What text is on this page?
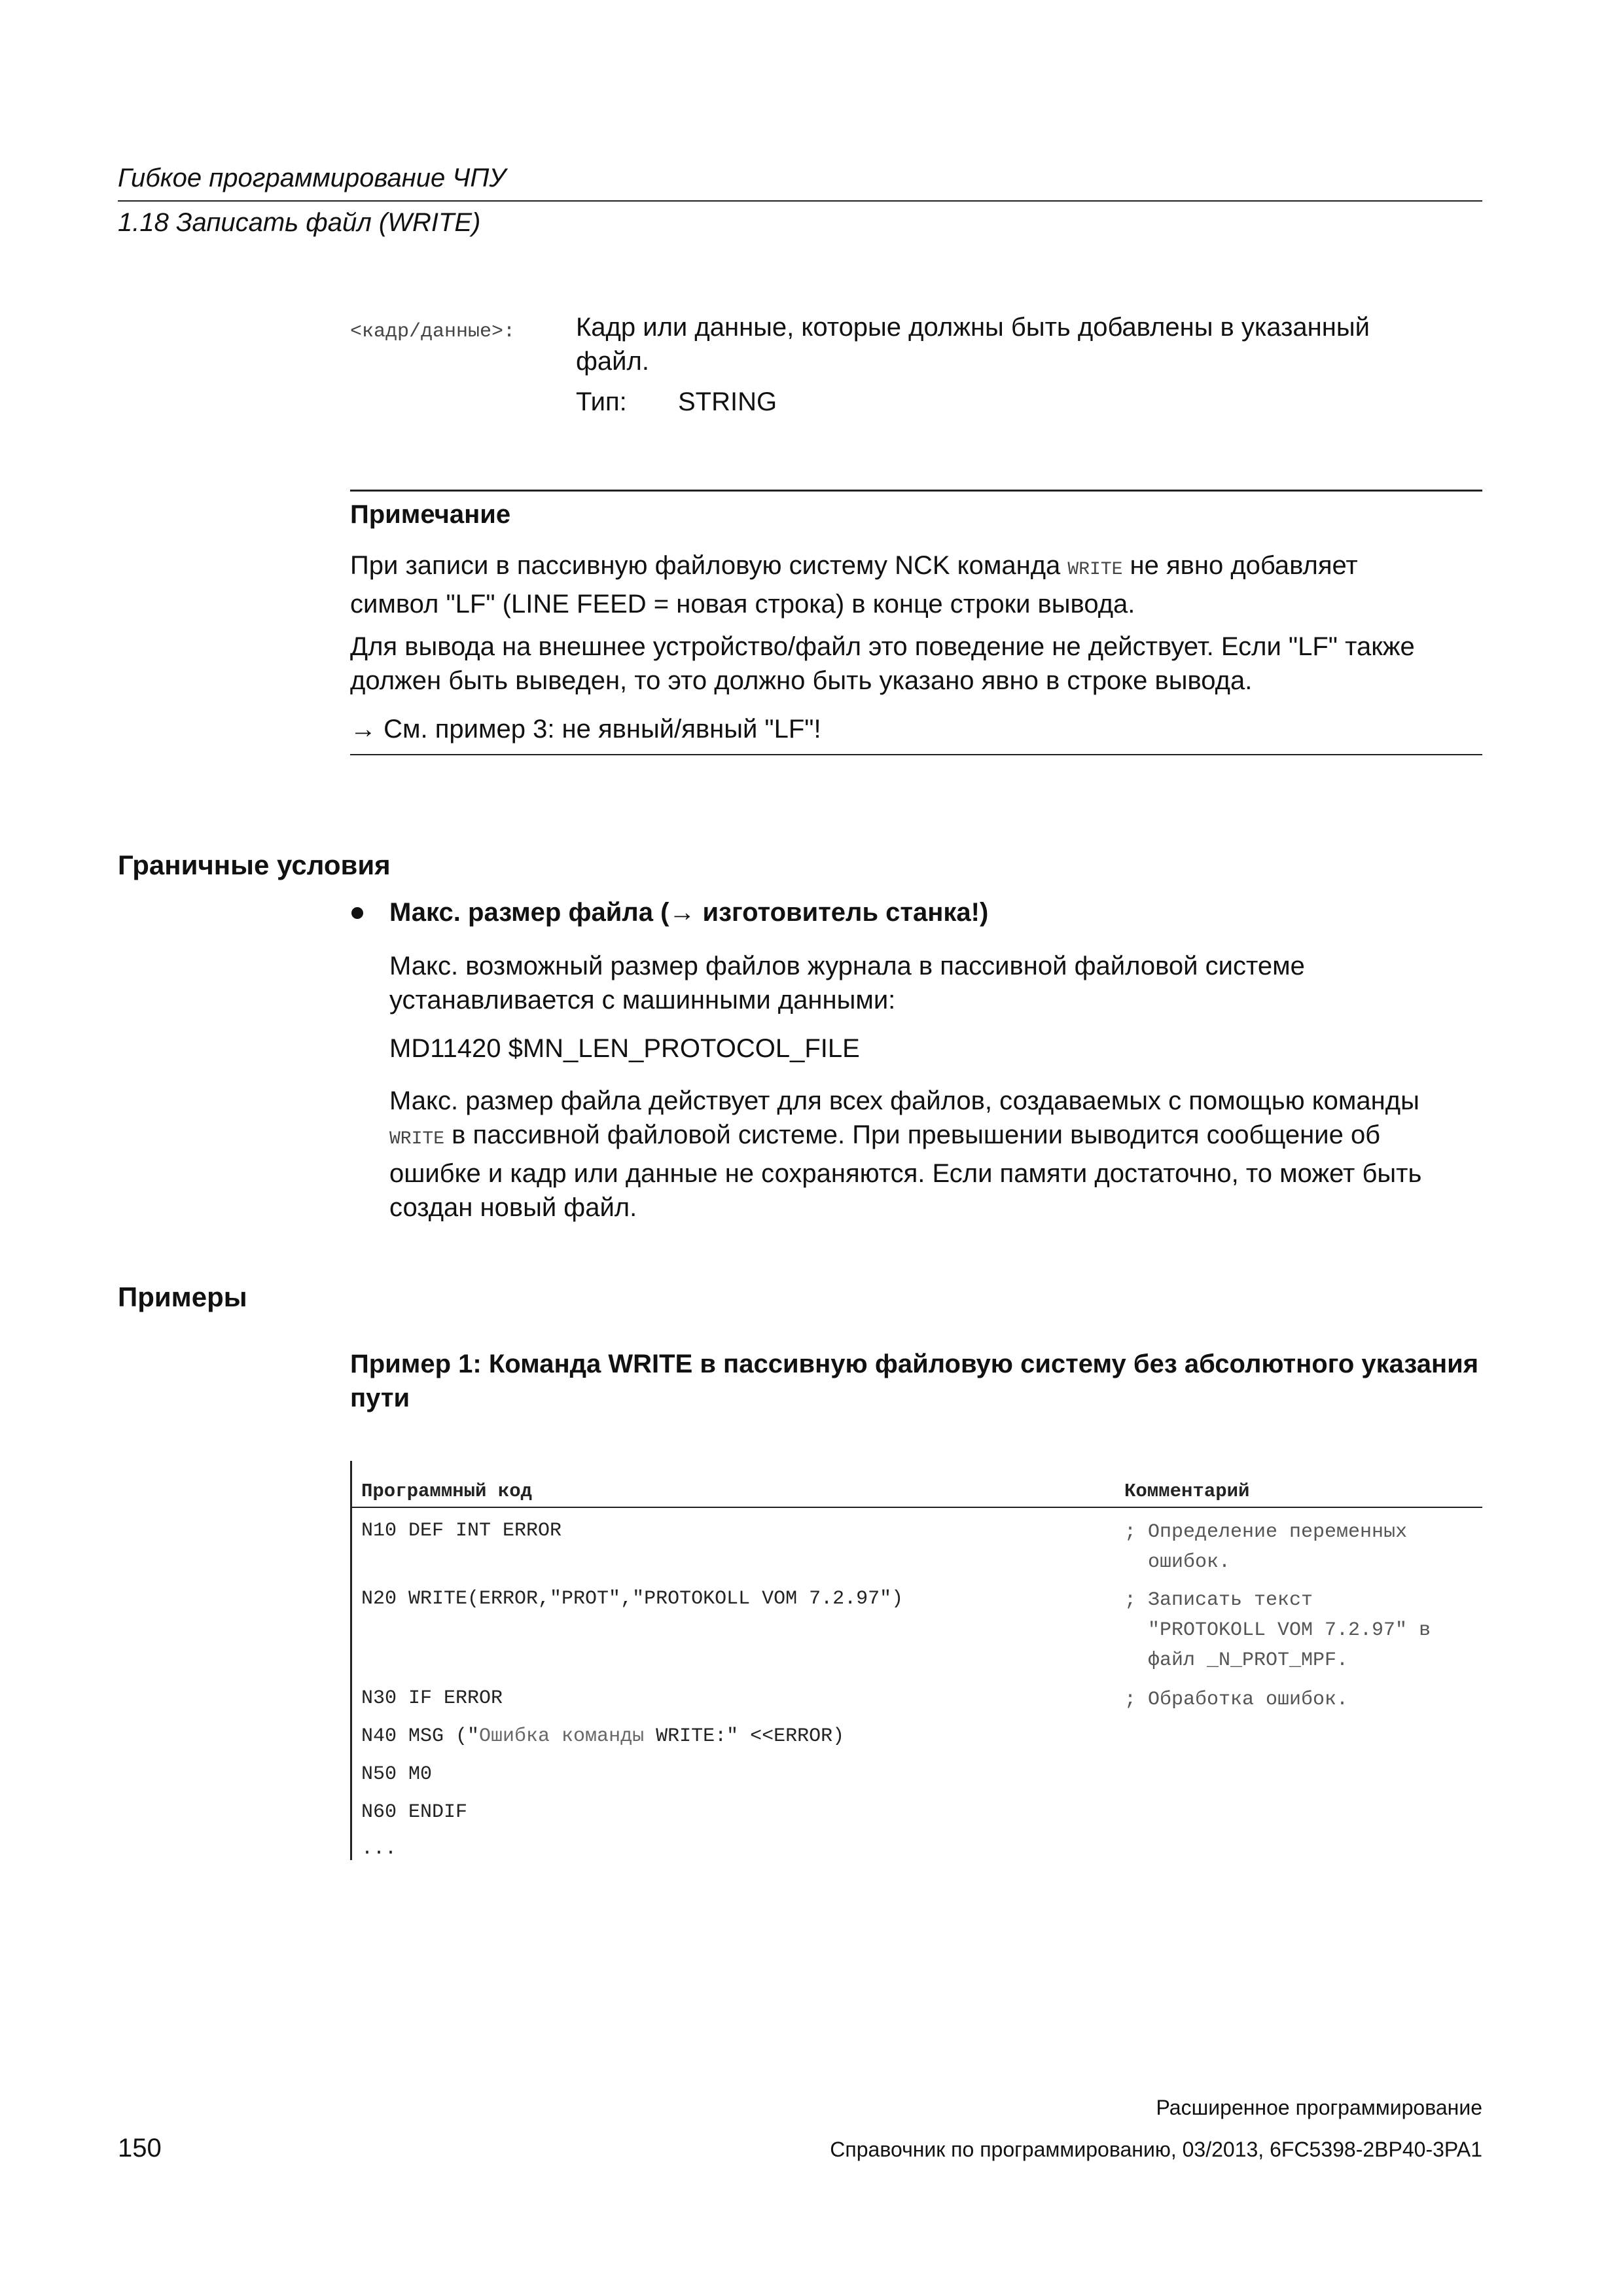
Гибкое программирование ЧПУ
1.18 Записать файл (WRITE)
<кадр/данные>: Кадр или данные, которые должны быть добавлены в указанный
файл.
Тип: STRING
Примечание
При записи в пассивную файловую систему NCK команда WRITE не явно добавляет
символ "LF" (LINE FEED = новая строка) в конце строки вывода.
Для вывода на внешнее устройство/файл это поведение не действует. Если "LF" также
должен быть выведен, то это должно быть указано явно в строке вывода.
→ См. пример 3: не явный/явный "LF"!
Граничные условия
Макс. размер файла (→ изготовитель станка!)
Макс. возможный размер файлов журнала в пассивной файловой системе
устанавливается с машинными данными:
MD11420 $MN_LEN_PROTOCOL_FILE
Макс. размер файла действует для всех файлов, создаваемых с помощью команды
WRITE в пассивной файловой системе. При превышении выводится сообщение об
ошибке и кадр или данные не сохраняются. Если памяти достаточно, то может быть
создан новый файл.
Примеры
Пример 1: Команда WRITE в пассивную файловую систему без абсолютного указания
пути
Программный код	Комментарий
N10 DEF INT ERROR	; Определение переменных
ошибок.
N20 WRITE(ERROR,"PROT","PROTOKOLL VOM 7.2.97")	; Записать текст
"PROTOKOLL VOM 7.2.97" в
файл _N_PROT_MPF.
N30 IF ERROR	; Обработка ошибок.
N40 MSG ("Ошибка команды WRITE:" <<ERROR)
N50 M0
N60 ENDIF
...
Расширенное программирование
150	Справочник по программированию, 03/2013, 6FC5398-2BP40-3PA1
